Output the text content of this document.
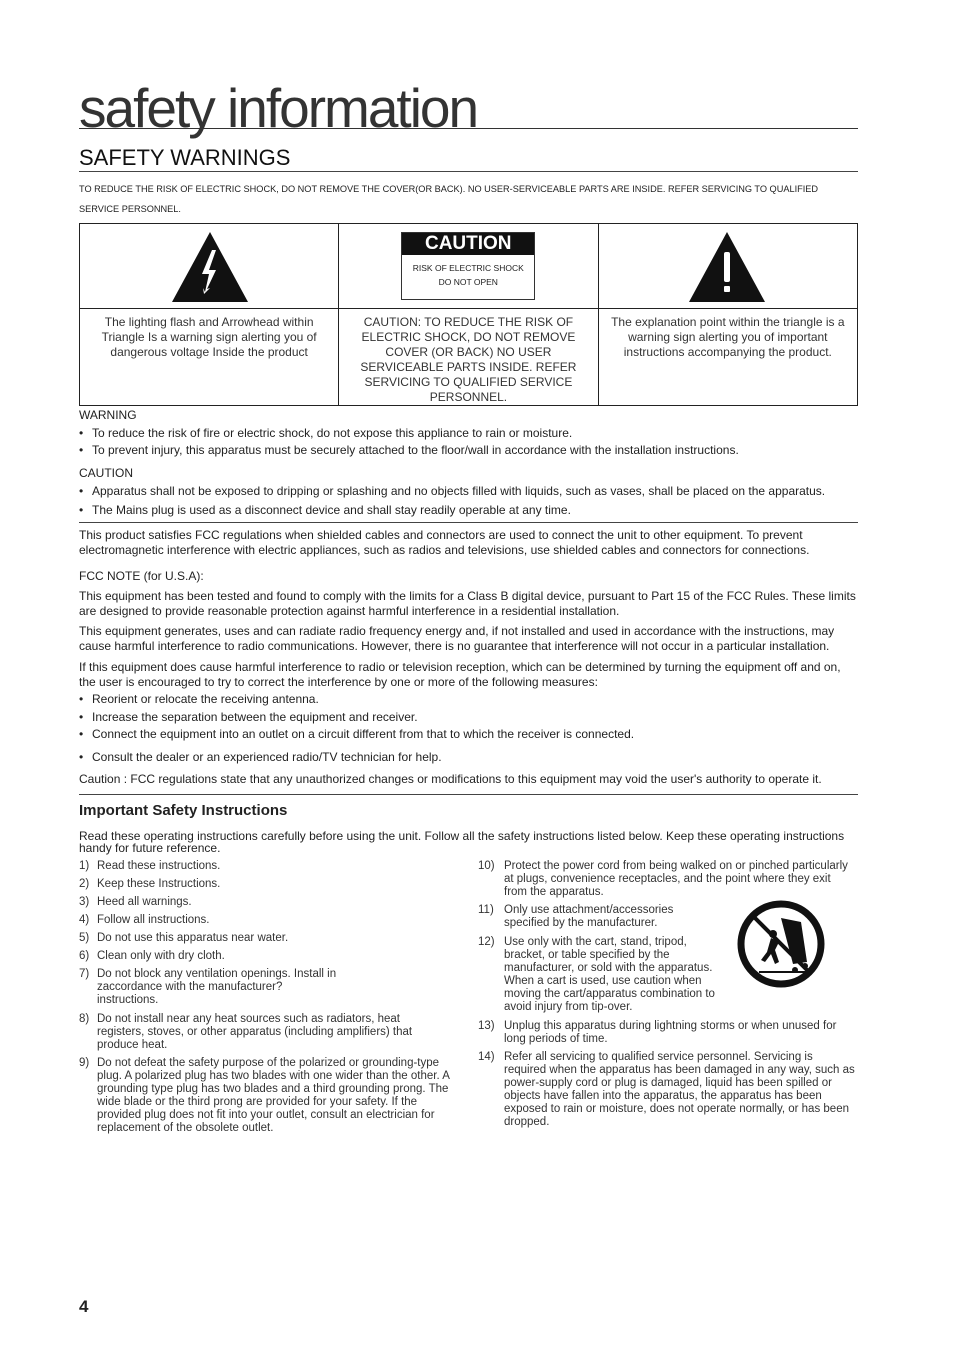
safety information
SAFETY WARNINGS
TO REDUCE THE RISK OF ELECTRIC SHOCK, DO NOT REMOVE THE COVER(OR BACK). NO USER-SERVICEABLE PARTS ARE INSIDE. REFER SERVICING TO QUALIFIED SERVICE PERSONNEL.

CAUTION
RISK OF ELECTRIC SHOCK
DO NOT OPEN

The lighting flash and Arrowhead within Triangle Is a warning sign alerting you of dangerous voltage Inside the product	CAUTION: TO REDUCE THE RISK OF ELECTRIC SHOCK, DO NOT REMOVE COVER (OR BACK) NO USER SERVICEABLE PARTS INSIDE. REFER SERVICING TO QUALIFIED SERVICE PERSONNEL.	The explanation point within the triangle is a warning sign alerting you of important instructions accompanying the product.
WARNING
• To reduce the risk of fire or electric shock, do not expose this appliance to rain or moisture.
• To prevent injury, this apparatus must be securely attached to the floor/wall in accordance with the installation instructions.
CAUTION
• Apparatus shall not be exposed to dripping or splashing and no objects filled with liquids, such as vases, shall be placed on the apparatus.
• The Mains plug is used as a disconnect device and shall stay readily operable at any time.
This product satisfies FCC regulations when shielded cables and connectors are used to connect the unit to other equipment. To prevent electromagnetic interference with electric appliances, such as radios and televisions, use shielded cables and connectors for connections.
FCC NOTE (for U.S.A):
This equipment has been tested and found to comply with the limits for a Class B digital device, pursuant to Part 15 of the FCC Rules. These limits are designed to provide reasonable protection against harmful interference in a residential installation.
This equipment generates, uses and can radiate radio frequency energy and, if not installed and used in accordance with the instructions, may cause harmful interference to radio communications. However, there is no guarantee that interference will not occur in a particular installation.
If this equipment does cause harmful interference to radio or television reception, which can be determined by turning the equipment off and on, the user is encouraged to try to correct the interference by one or more of the following measures:
• Reorient or relocate the receiving antenna.
• Increase the separation between the equipment and receiver.
• Connect the equipment into an outlet on a circuit different from that to which the receiver is connected.
• Consult the dealer or an experienced radio/TV technician for help.
Caution : FCC regulations state that any unauthorized changes or modifications to this equipment may void the user's authority to operate it.
Important Safety Instructions
Read these operating instructions carefully before using the unit. Follow all the safety instructions listed below. Keep these operating instructions handy for future reference.
1) Read these instructions.
2) Keep these Instructions.
3) Heed all warnings.
4) Follow all instructions.
5) Do not use this apparatus near water.
6) Clean only with dry cloth.
7) Do not block any ventilation openings. Install in zaccordance with the manufacturer? instructions.
8) Do not install near any heat sources such as radiators, heat registers, stoves, or other apparatus (including amplifiers) that produce heat.
9) Do not defeat the safety purpose of the polarized or grounding-type plug. A polarized plug has two blades with one wider than the other. A grounding type plug has two blades and a third grounding prong. The wide blade or the third prong are provided for your safety. If the provided plug does not fit into your outlet, consult an electrician for replacement of the obsolete outlet.
10) Protect the power cord from being walked on or pinched particularly at plugs, convenience receptacles, and the point where they exit from the apparatus.
11) Only use attachment/accessories specified by the manufacturer.
12) Use only with the cart, stand, tripod, bracket, or table specified by the manufacturer, or sold with the apparatus. When a cart is used, use caution when moving the cart/apparatus combination to avoid injury from tip-over.
13) Unplug this apparatus during lightning storms or when unused for long periods of time.
14) Refer all servicing to qualified service personnel. Servicing is required when the apparatus has been damaged in any way, such as power-supply cord or plug is damaged, liquid has been spilled or objects have fallen into the apparatus, the apparatus has been exposed to rain or moisture, does not operate normally, or has been dropped.
4
